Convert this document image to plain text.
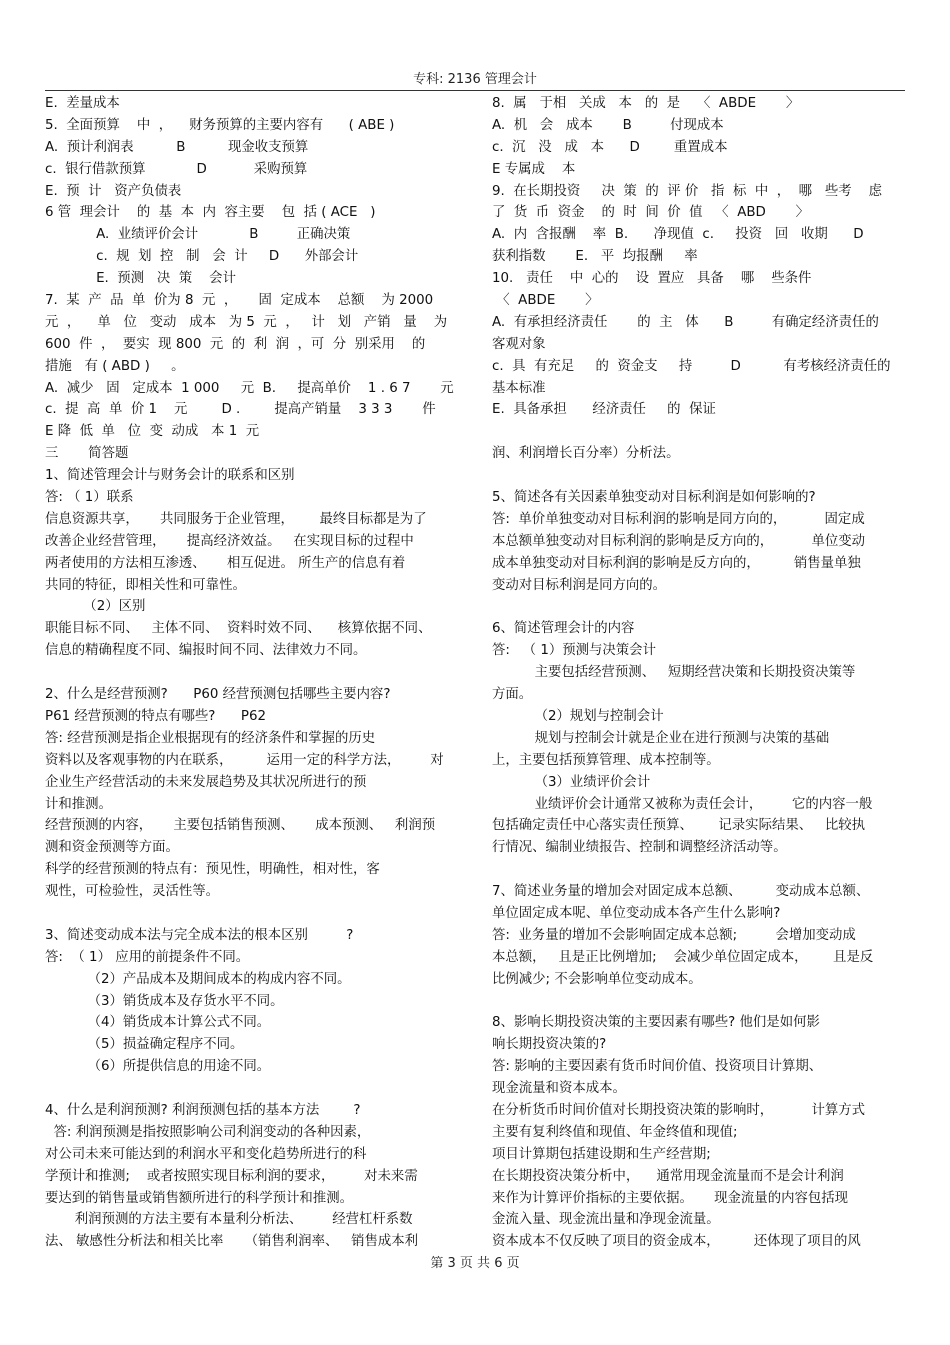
专科: 2136 管理会计
E.  差量成本
5.  全面预算    中  ，    财务预算的主要内容有      ( ABE )
A.  预计利润表          B          现金收支预算
c.  银行借款预算            D           采购预算
E.  预  计   资产负债表
6 管  理会计    的  基  本  内  容主要    包  括 ( ACE   )
A.  业绩评价会计            B         正确决策
c.  规  划  控   制   会  计     D      外部会计
E.  预测   决  策    会计
7.  某  产  品  单  价为 8  元  ，     固  定成本    总额    为 2000
元  ，    单   位   变动   成本   为 5  元  ，   计   划   产销   量    为
600  件  ，  要实  现 800  元  的  利  润  ，可  分  别采用    的
措施   有 ( ABD )     。
A.  减少   固   定成本  1 000     元  B.     提高单价    1 . 6 7       元
c.  提  高  单  价 1    元        D .        提高产销量    3 3 3       件
E 降  低  单   位  变  动成   本 1  元
三       简答题
1、简述管理会计与财务会计的联系和区别
答: （ 1）联系
信息资源共享，     共同服务于企业管理，      最终目标都是为了
改善企业经营管理，     提高经济效益。   在实现目标的过程中
两者使用的方法相互渗透、     相互促进。 所生产的信息有着
共同的特征，即相关性和可靠性。
（2）区别
职能目标不同、   主体不同、  资料时效不同、    核算依据不同、
信息的精确程度不同、编报时间不同、法律效力不同。
2、什么是经营预测?      P60 经营预测包括哪些主要内容?
P61 经营预测的特点有哪些?      P62
答: 经营预测是指企业根据现有的经济条件和掌握的历史
资料以及客观事物的内在联系，        运用一定的科学方法，       对
企业生产经营活动的未来发展趋势及其状况所进行的预
计和推测。
经营预测的内容，     主要包括销售预测、     成本预测、   利润预
测和资金预测等方面。
科学的经营预测的特点有：预见性，明确性，相对性，客
观性，可检验性，灵活性等。
3、简述变动成本法与完全成本法的根本区别         ?
答:  （ 1） 应用的前提条件不同。
（2）产品成本及期间成本的构成内容不同。
（3）销货成本及存货水平不同。
（4）销货成本计算公式不同。
（5）损益确定程序不同。
（6）所提供信息的用途不同。
4、什么是利润预测? 利润预测包括的基本方法        ?
答: 利润预测是指按照影响公司利润变动的各种因素，
对公司未来可能达到的利润水平和变化趋势所进行的科
学预计和推测;    或者按照实现目标利润的要求，       对未来需
要达到的销售量或销售额所进行的科学预计和推测。
利润预测的方法主要有本量利分析法、       经营杠杆系数
法、 敏感性分析法和相关比率     （销售利润率、   销售成本利
8.  属   于相   关成   本   的  是    〈  ABDE       〉
A.  机   会   成本       B         付现成本
c.  沉   没   成   本      D        重置成本
E 专属成    本
9.  在长期投资     决  策  的  评 价   指  标  中  ，  哪   些考    虑
了  货  币  资金    的  时  间  价  值   〈  ABD       〉
A.  内  含报酬    率  B.      净现值  c.     投资   回   收期      D
获利指数       E.   平  均报酬     率
10.   责任    中  心的    设  置应   具备    哪    些条件
〈  ABDE       〉
A.  有承担经济责任       的  主   体      B         有确定经济责任的
客观对象
c.  具  有充足     的  资金支     持         D          有考核经济责任的
基本标准
E.  具备承担      经济责任     的  保证
润、利润增长百分率）分析法。
5、简述各有关因素单独变动对目标利润是如何影响的?
答:  单价单独变动对目标利润的影响是同方向的，         固定成
本总额单独变动对目标利润的影响是反方向的，         单位变动
成本单独变动对目标利润的影响是反方向的，        销售量单独
变动对目标利润是同方向的。
6、简述管理会计的内容
答:   （ 1）预测与决策会计
主要包括经营预测、   短期经营决策和长期投资决策等
方面。
（2）规划与控制会计
规划与控制会计就是企业在进行预测与决策的基础
上，主要包括预算管理、成本控制等。
（3）业绩评价会计
业绩评价会计通常又被称为责任会计，       它的内容一般
包括确定责任中心落实责任预算、      记录实际结果、   比较执
行情况、编制业绩报告、控制和调整经济活动等。
7、简述业务量的增加会对固定成本总额、        变动成本总额、
单位固定成本呢、单位变动成本各产生什么影响?
答:  业务量的增加不会影响固定成本总额;         会增加变动成
本总额，   且是正比例增加;    会减少单位固定成本，      且是反
比例减少; 不会影响单位变动成本。
8、影响长期投资决策的主要因素有哪些? 他们是如何影
响长期投资决策的?
答: 影响的主要因素有货币时间价值、投资项目计算期、
现金流量和资本成本。
在分析货币时间价值对长期投资决策的影响时，         计算方式
主要有复利终值和现值、年金终值和现值;
项目计算期包括建设期和生产经营期;
在长期投资决策分析中，    通常用现金流量而不是会计利润
来作为计算评价指标的主要依据。     现金流量的内容包括现
金流入量、现金流出量和净现金流量。
资本成本不仅反映了项目的资金成本，        还体现了项目的风
第 3 页 共 6 页
